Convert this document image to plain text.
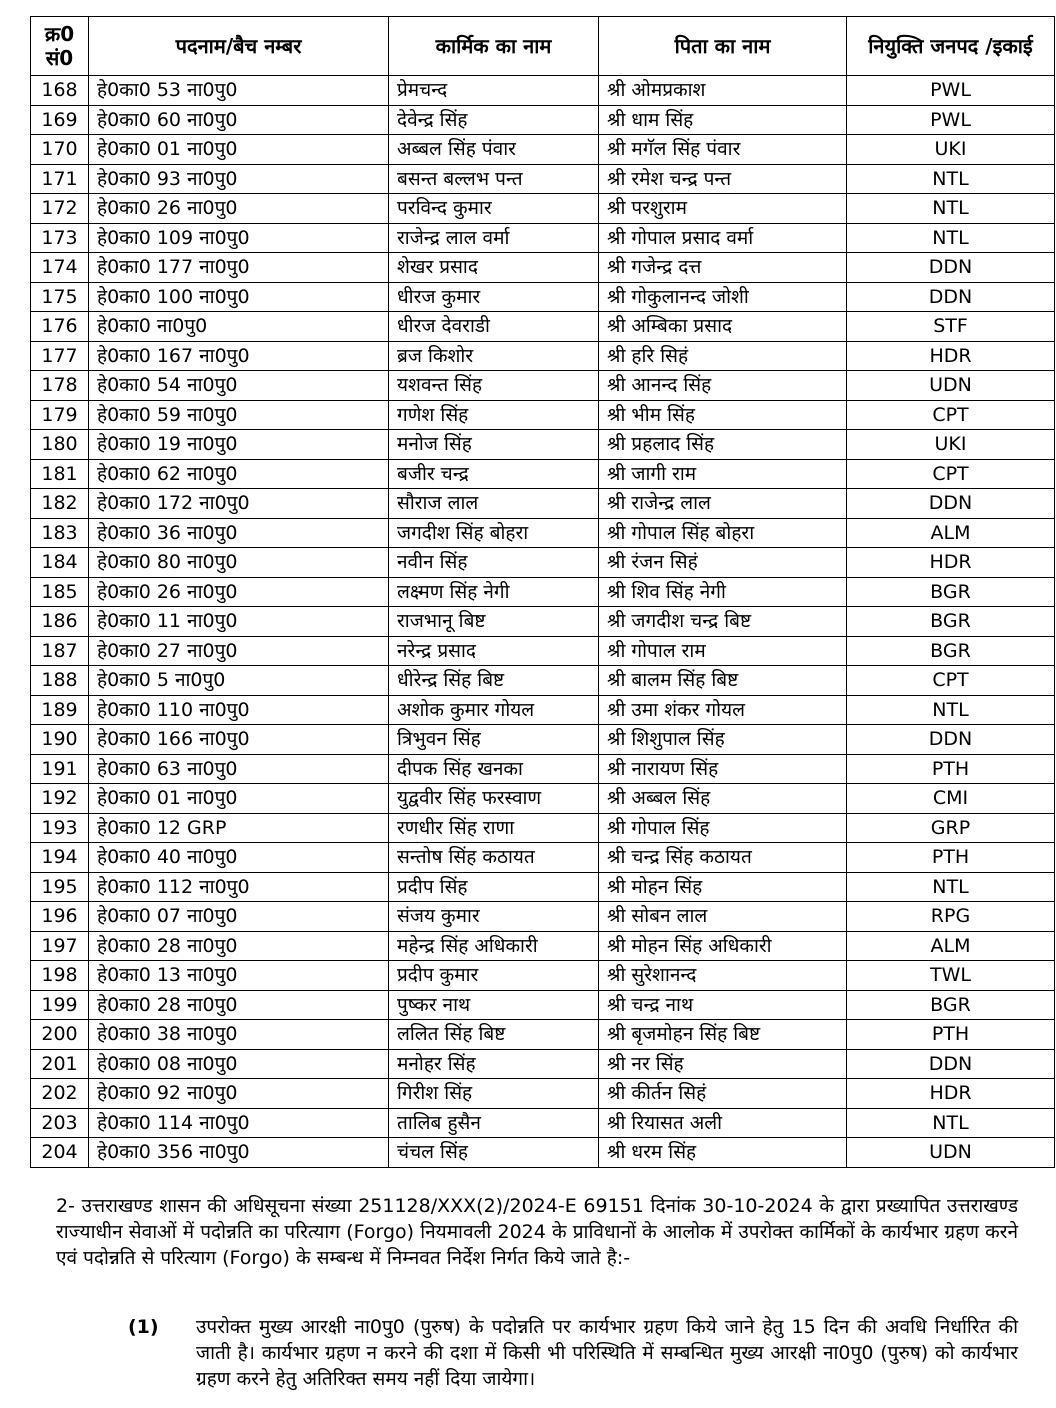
क्र0 सं0	पदनाम/बैच नम्बर	कार्मिक का नाम	पिता का नाम	नियुक्ति जनपद /इकाई
168	हे0का0 53 ना0पु0	प्रेमचन्द	श्री ओमप्रकाश	PWL
169	हे0का0 60 ना0पु0	देवेन्द्र सिंह	श्री धाम सिंह	PWL
170	हे0का0 01 ना0पु0	अब्बल सिंह पंवार	श्री मगॅल सिंह पंवार	UKI
171	हे0का0 93 ना0पु0	बसन्त बल्लभ पन्त	श्री रमेश चन्द्र पन्त	NTL
172	हे0का0 26 ना0पु0	परविन्द कुमार	श्री परशुराम	NTL
173	हे0का0 109 ना0पु0	राजेन्द्र लाल वर्मा	श्री गोपाल प्रसाद वर्मा	NTL
174	हे0का0 177 ना0पु0	शेखर प्रसाद	श्री गजेन्द्र दत्त	DDN
175	हे0का0 100 ना0पु0	धीरज कुमार	श्री गोकुलानन्द जोशी	DDN
176	हे0का0 ना0पु0	धीरज देवराडी	श्री अम्बिका प्रसाद	STF
177	हे0का0 167 ना0पु0	ब्रज किशोर	श्री हरि सिहं	HDR
178	हे0का0 54 ना0पु0	यशवन्त सिंह	श्री आनन्द सिंह	UDN
179	हे0का0 59 ना0पु0	गणेश सिंह	श्री भीम सिंह	CPT
180	हे0का0 19 ना0पु0	मनोज सिंह	श्री प्रहलाद सिंह	UKI
181	हे0का0 62 ना0पु0	बजीर चन्द्र	श्री जागी राम	CPT
182	हे0का0 172 ना0पु0	सौराज लाल	श्री राजेन्द्र लाल	DDN
183	हे0का0 36 ना0पु0	जगदीश सिंह बोहरा	श्री गोपाल सिंह बोहरा	ALM
184	हे0का0 80 ना0पु0	नवीन सिंह	श्री रंजन सिहं	HDR
185	हे0का0 26 ना0पु0	लक्ष्मण सिंह नेगी	श्री शिव सिंह नेगी	BGR
186	हे0का0 11 ना0पु0	राजभानू बिष्ट	श्री जगदीश चन्द्र बिष्ट	BGR
187	हे0का0 27 ना0पु0	नरेन्द्र प्रसाद	श्री गोपाल राम	BGR
188	हे0का0 5 ना0पु0	धीरेन्द्र सिंह बिष्ट	श्री बालम सिंह बिष्ट	CPT
189	हे0का0 110 ना0पु0	अशोक कुमार गोयल	श्री उमा शंकर गोयल	NTL
190	हे0का0 166 ना0पु0	त्रिभुवन सिंह	श्री शिशुपाल सिंह	DDN
191	हे0का0 63 ना0पु0	दीपक सिंह खनका	श्री नारायण सिंह	PTH
192	हे0का0 01 ना0पु0	युद्ववीर सिंह फरस्वाण	श्री अब्बल सिंह	CMI
193	हे0का0 12 GRP	रणधीर सिंह राणा	श्री गोपाल सिंह	GRP
194	हे0का0 40 ना0पु0	सन्तोष सिंह कठायत	श्री चन्द्र सिंह कठायत	PTH
195	हे0का0 112 ना0पु0	प्रदीप सिंह	श्री मोहन सिंह	NTL
196	हे0का0 07 ना0पु0	संजय कुमार	श्री सोबन लाल	RPG
197	हे0का0 28 ना0पु0	महेन्द्र सिंह अधिकारी	श्री मोहन सिंह अधिकारी	ALM
198	हे0का0 13 ना0पु0	प्रदीप कुमार	श्री सुरेशानन्द	TWL
199	हे0का0 28 ना0पु0	पुष्कर नाथ	श्री चन्द्र नाथ	BGR
200	हे0का0 38 ना0पु0	ललित सिंह बिष्ट	श्री बृजमोहन सिंह बिष्ट	PTH
201	हे0का0 08 ना0पु0	मनोहर सिंह	श्री नर सिंह	DDN
202	हे0का0 92 ना0पु0	गिरीश सिंह	श्री कीर्तन सिहं	HDR
203	हे0का0 114 ना0पु0	तालिब हुसैन	श्री रियासत अली	NTL
204	हे0का0 356 ना0पु0	चंचल सिंह	श्री धरम सिंह	UDN
2- उत्तराखण्ड शासन की अधिसूचना संख्या 251128/XXX(2)/2024-E 69151 दिनांक 30-10-2024 के द्वारा प्रख्यापित उत्तराखण्ड राज्याधीन सेवाओं में पदोन्नति का परित्याग (Forgo) नियमावली 2024 के प्राविधानों के आलोक में उपरोक्त कार्मिकों के कार्यभार ग्रहण करने एवं पदोन्नति से परित्याग (Forgo) के सम्बन्ध में निम्नवत निर्देश निर्गत किये जाते है:-
(1) उपरोक्त मुख्य आरक्षी ना0पु0 (पुरुष) के पदोन्नति पर कार्यभार ग्रहण किये जाने हेतु 15 दिन की अवधि निर्धारित की जाती है। कार्यभार ग्रहण न करने की दशा में किसी भी परिस्थिति में सम्बन्धित मुख्य आरक्षी ना0पु0 (पुरुष) को कार्यभार ग्रहण करने हेतु अतिरिक्त समय नहीं दिया जायेगा।
